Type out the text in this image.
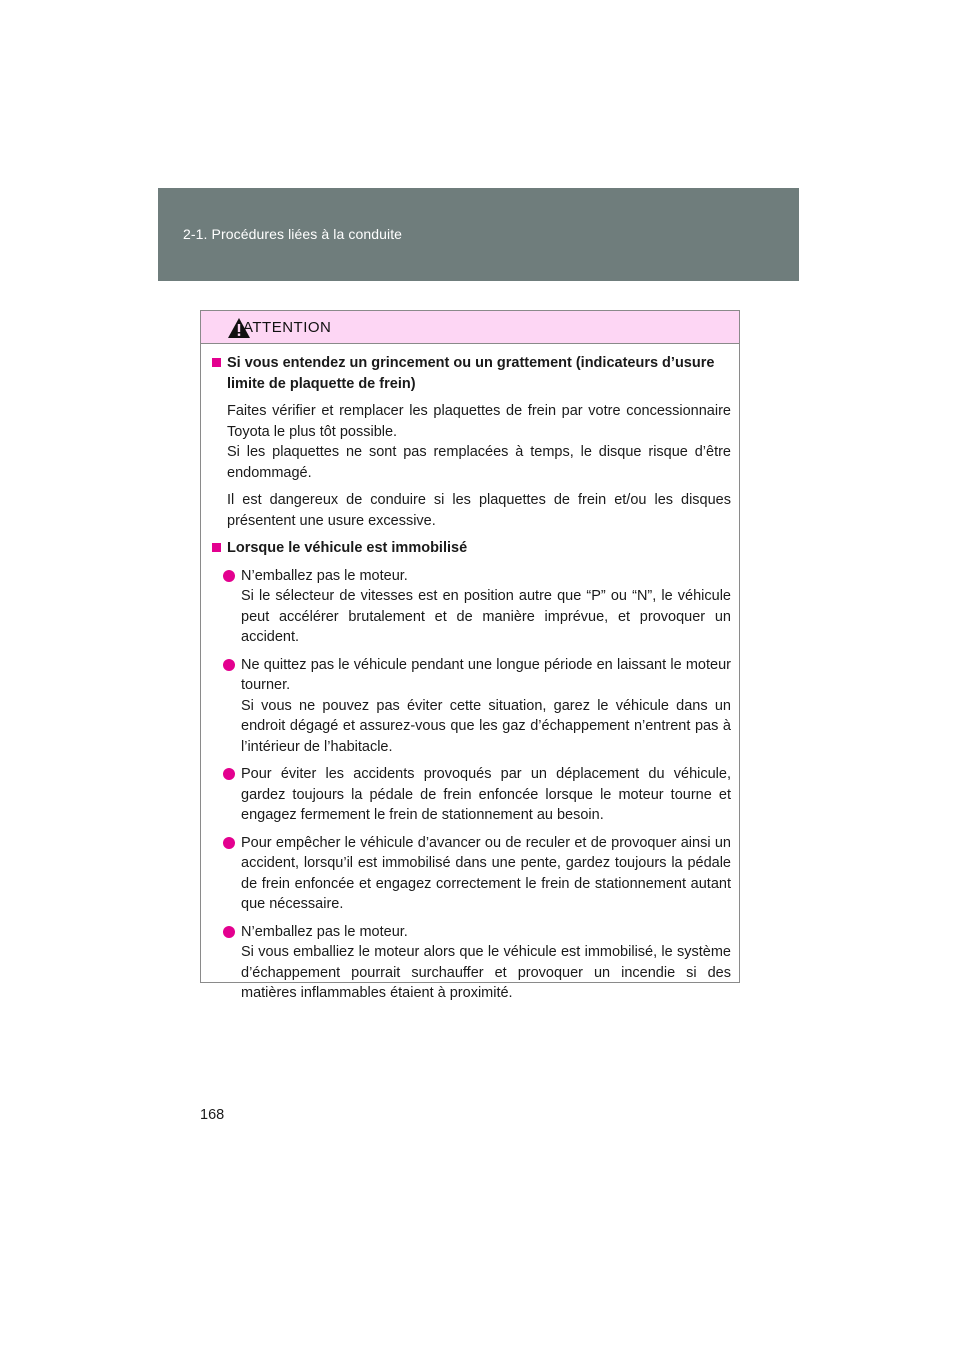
2-1. Procédures liées à la conduite
ATTENTION
Si vous entendez un grincement ou un grattement (indicateurs d’usure limite de plaquette de frein)
Faites vérifier et remplacer les plaquettes de frein par votre concessionnaire Toyota le plus tôt possible.
Si les plaquettes ne sont pas remplacées à temps, le disque risque d’être endommagé.
Il est dangereux de conduire si les plaquettes de frein et/ou les disques présentent une usure excessive.
Lorsque le véhicule est immobilisé
N’emballez pas le moteur.
Si le sélecteur de vitesses est en position autre que “P” ou “N”, le véhicule peut accélérer brutalement et de manière imprévue, et provoquer un accident.
Ne quittez pas le véhicule pendant une longue période en laissant le moteur tourner.
Si vous ne pouvez pas éviter cette situation, garez le véhicule dans un endroit dégagé et assurez-vous que les gaz d’échappement n’entrent pas à l’intérieur de l’habitacle.
Pour éviter les accidents provoqués par un déplacement du véhicule, gardez toujours la pédale de frein enfoncée lorsque le moteur tourne et engagez fermement le frein de stationnement au besoin.
Pour empêcher le véhicule d’avancer ou de reculer et de provoquer ainsi un accident, lorsqu’il est immobilisé dans une pente, gardez toujours la pédale de frein enfoncée et engagez correctement le frein de stationnement autant que nécessaire.
N’emballez pas le moteur.
Si vous emballiez le moteur alors que le véhicule est immobilisé, le système d’échappement pourrait surchauffer et provoquer un incendie si des matières inflammables étaient à proximité.
168
